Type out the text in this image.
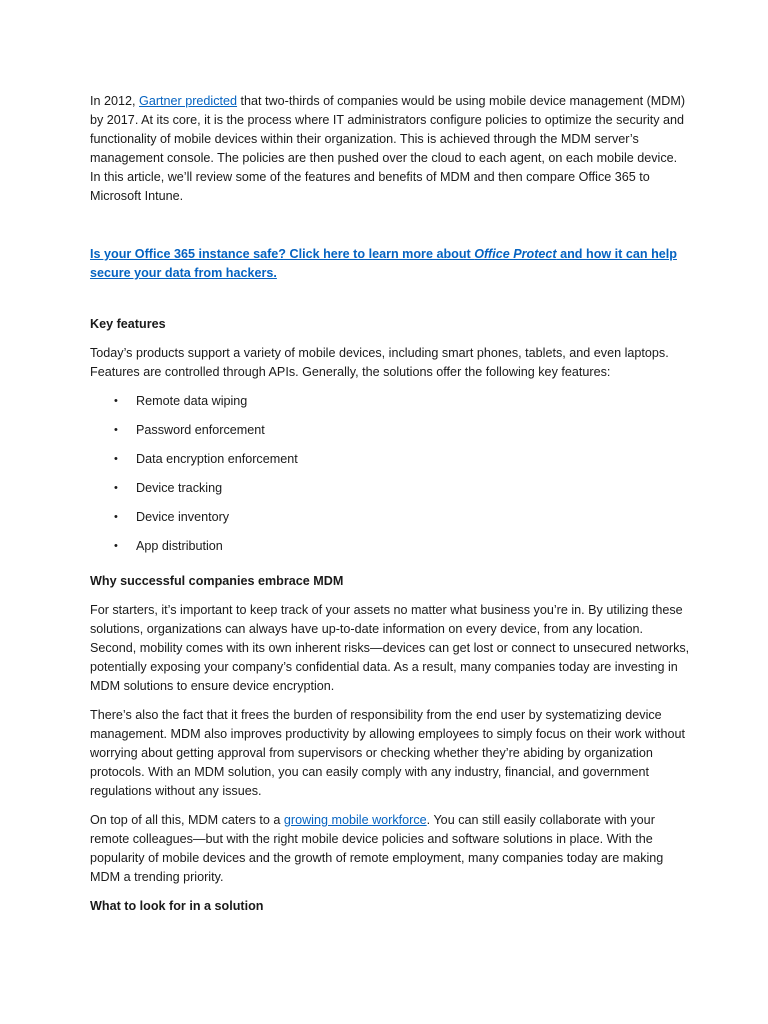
In 2012, Gartner predicted that two-thirds of companies would be using mobile device management (MDM) by 2017. At its core, it is the process where IT administrators configure policies to optimize the security and functionality of mobile devices within their organization. This is achieved through the MDM server’s management console. The policies are then pushed over the cloud to each agent, on each mobile device. In this article, we’ll review some of the features and benefits of MDM and then compare Office 365 to Microsoft Intune.

Is your Office 365 instance safe? Click here to learn more about Office Protect and how it can help secure your data from hackers.

Key features

Today’s products support a variety of mobile devices, including smart phones, tablets, and even laptops. Features are controlled through APIs. Generally, the solutions offer the following key features:

• Remote data wiping
• Password enforcement
• Data encryption enforcement
• Device tracking
• Device inventory
• App distribution

Why successful companies embrace MDM

For starters, it’s important to keep track of your assets no matter what business you’re in. By utilizing these solutions, organizations can always have up-to-date information on every device, from any location. Second, mobility comes with its own inherent risks—devices can get lost or connect to unsecured networks, potentially exposing your company’s confidential data. As a result, many companies today are investing in MDM solutions to ensure device encryption.

There’s also the fact that it frees the burden of responsibility from the end user by systematizing device management. MDM also improves productivity by allowing employees to simply focus on their work without worrying about getting approval from supervisors or checking whether they’re abiding by organization protocols. With an MDM solution, you can easily comply with any industry, financial, and government regulations without any issues.

On top of all this, MDM caters to a growing mobile workforce. You can still easily collaborate with your remote colleagues—but with the right mobile device policies and software solutions in place. With the popularity of mobile devices and the growth of remote employment, many companies today are making MDM a trending priority.

What to look for in a solution
